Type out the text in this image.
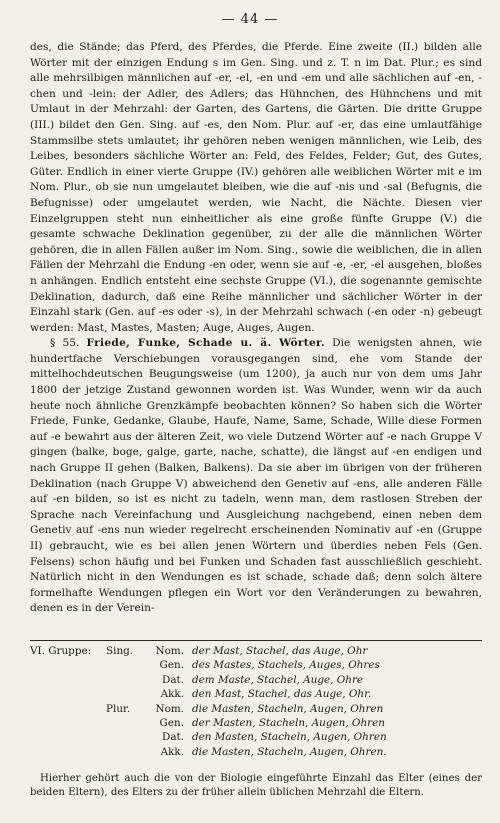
— 44 —

des, die Stände; das Pferd, des Pferdes, die Pferde. Eine zweite (II.) bilden alle Wörter mit der einzigen Endung s im Gen. Sing. und z. T. n im Dat. Plur.; es sind alle mehrsilbigen männlichen auf -er, -el, -en und -em und alle sächlichen auf -en, -chen und -lein: der Adler, des Adlers; das Hühnchen, des Hühnchens und mit Umlaut in der Mehrzahl: der Garten, des Gartens, die Gärten. Die dritte Gruppe (III.) bildet den Gen. Sing. auf -es, den Nom. Plur. auf -er, das eine umlautfähige Stammsilbe stets umlautet; ihr gehören neben wenigen männlichen, wie Leib, des Leibes, besonders sächliche Wörter an: Feld, des Feldes, Felder; Gut, des Gutes, Güter. Endlich in einer vierte Gruppe (IV.) gehören alle weiblichen Wörter mit e im Nom. Plur., ob sie nun umgelautet bleiben, wie die auf -nis und -sal (Befugnis, die Befugnisse) oder umgelautet werden, wie Nacht, die Nächte. Diesen vier Einzelgruppen steht nun einheitlicher als eine große fünfte Gruppe (V.) die gesamte schwache Deklination gegenüber, zu der alle die männlichen Wörter gehören, die in allen Fällen außer im Nom. Sing., sowie die weiblichen, die in allen Fällen der Mehrzahl die Endung -en oder, wenn sie auf -e, -er, -el ausgehen, bloßes n anhängen. Endlich entsteht eine sechste Gruppe (VI.), die sogenannte gemischte Deklination, dadurch, daß eine Reihe männlicher und sächlicher Wörter in der Einzahl stark (Gen. auf -es oder -s), in der Mehrzahl schwach (-en oder -n) gebeugt werden: Mast, Mastes, Masten; Auge, Auges, Augen.

§ 55. Friede, Funke, Schade u. ä. Wörter. Die wenigsten ahnen, wie hundertfache Verschiebungen vorausgegangen sind, ehe vom Stande der mittelhochdeutschen Beugungsweise (um 1200), ja auch nur von dem ums Jahr 1800 der jetzige Zustand gewonnen worden ist. Was Wunder, wenn wir da auch heute noch ähnliche Grenzkämpfe beobachten können? So haben sich die Wörter Friede, Funke, Gedanke, Glaube, Haufe, Name, Same, Schade, Wille diese Formen auf -e bewahrt aus der älteren Zeit, wo viele Dutzend Wörter auf -e nach Gruppe V gingen (balke, boge, galge, garte, nache, schatte), die längst auf -en endigen und nach Gruppe II gehen (Balken, Balkens). Da sie aber im übrigen von der früheren Deklination (nach Gruppe V) abweichend den Genetiv auf -ens, alle anderen Fälle auf -en bilden, so ist es nicht zu tadeln, wenn man, dem rastlosen Streben der Sprache nach Vereinfachung und Ausgleichung nachgebend, einen neben dem Genetiv auf -ens nun wieder regelrecht erscheinenden Nominativ auf -en (Gruppe II) gebraucht, wie es bei allen jenen Wörtern und überdies neben Fels (Gen. Felsens) schon häufig und bei Funken und Schaden fast ausschließlich geschieht. Natürlich nicht in den Wendungen es ist schade, schade daß; denn solch ältere formelhafte Wendungen pflegen ein Wort vor den Veränderungen zu bewahren, denen es in der Verein-

VI. Gruppe:	Sing.	Nom. der Mast, Stachel, das Auge, Ohr
Gen. des Mastes, Stachels, Auges, Ohres
Dat. dem Maste, Stachel, Auge, Ohre
Akk. den Mast, Stachel, das Auge, Ohr.
Plur.	Nom. die Masten, Stacheln, Augen, Ohren
Gen. der Masten, Stacheln, Augen, Ohren
Dat. den Masten, Stacheln, Augen, Ohren
Akk. die Masten, Stacheln, Augen, Ohren.
Hierher gehört auch die von der Biologie eingeführte Einzahl das Elter (eines der beiden Eltern), des Elters zu der früher allein üblichen Mehrzahl die Eltern.
